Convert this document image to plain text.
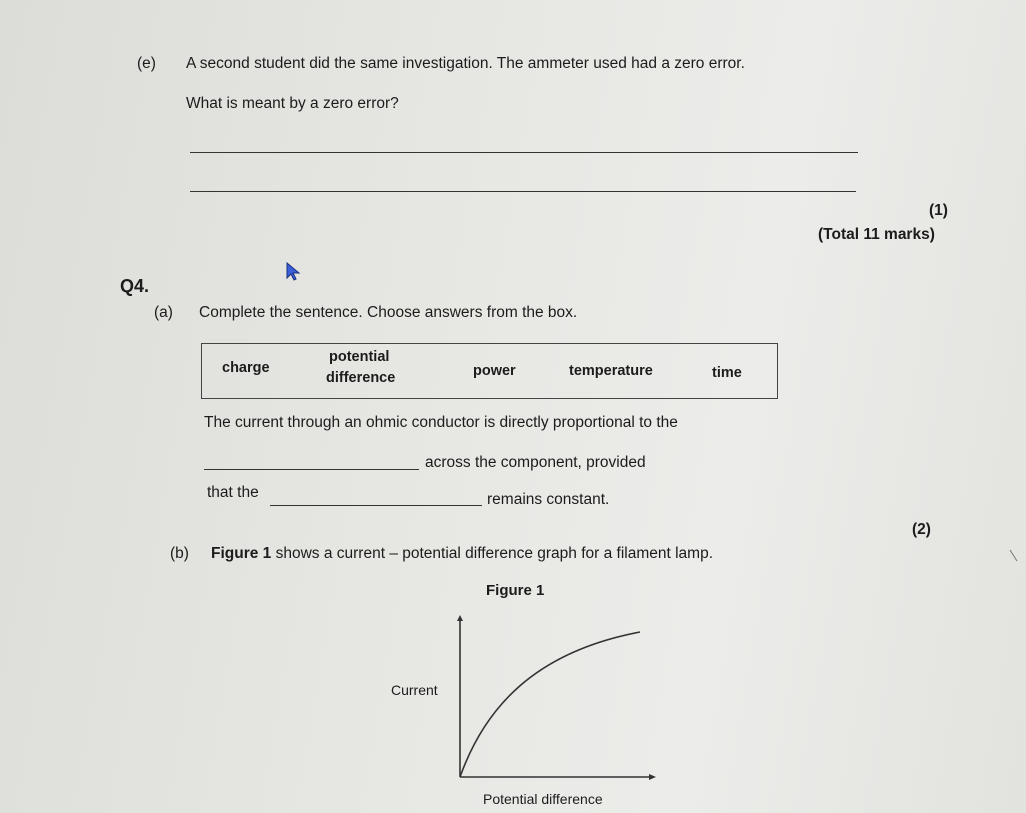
(e) A second student did the same investigation. The ammeter used had a zero error.
What is meant by a zero error?
(1)
(Total 11 marks)
Q4.
(a) Complete the sentence. Choose answers from the box.
charge
potential
difference	power	temperature	time
The current through an ohmic conductor is directly proportional to the
across the component, provided
that the	remains constant.
(2)
(b) Figure 1 shows a current – potential difference graph for a filament lamp.
Figure 1
Current
Potential difference
